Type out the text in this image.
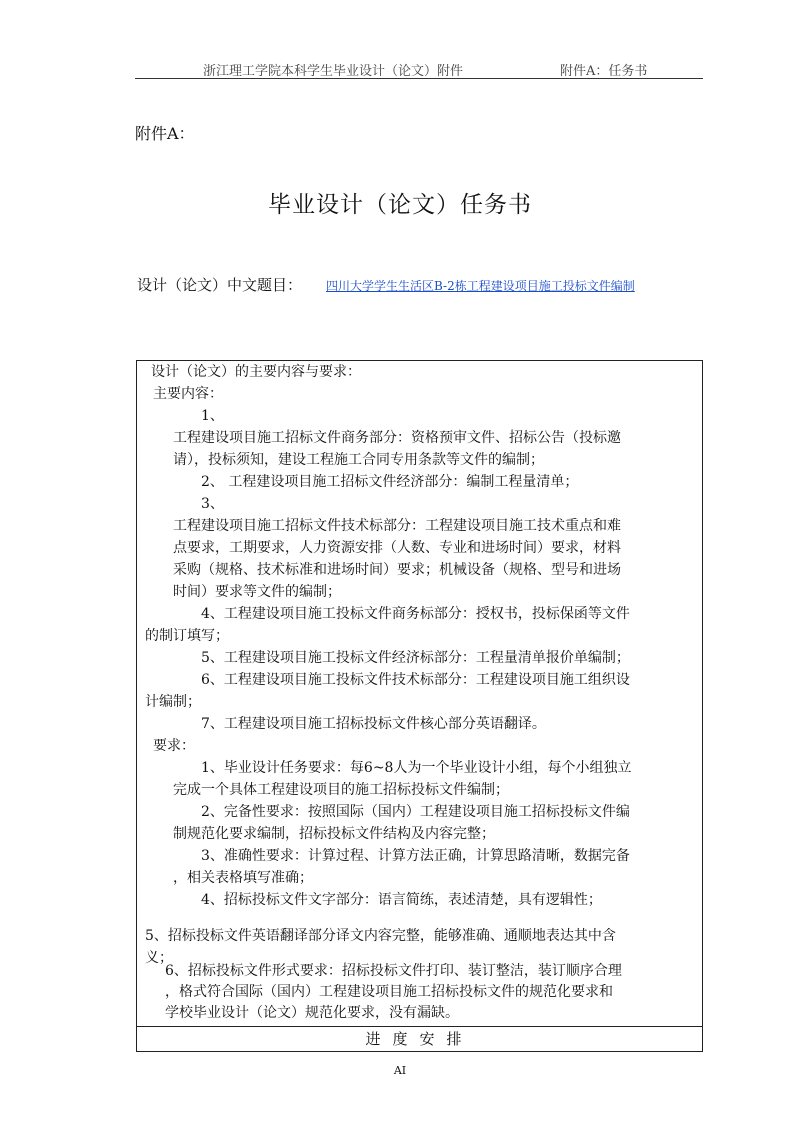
浙江理工学院本科学生毕业设计（论文）附件	附件A：任务书
附件A：
毕业设计（论文）任务书
设计（论文）中文题目： 四川大学学生生活区B-2栋工程建设项目施工投标文件编制
设计（论文）的主要内容与要求：
主要内容：
1、
工程建设项目施工招标文件商务部分：资格预审文件、招标公告（投标邀
请），投标须知，建设工程施工合同专用条款等文件的编制；
2、 工程建设项目施工招标文件经济部分：编制工程量清单；
3、
工程建设项目施工招标文件技术标部分：工程建设项目施工技术重点和难
点要求，工期要求，人力资源安排（人数、专业和进场时间）要求，材料
采购（规格、技术标准和进场时间）要求；机械设备（规格、型号和进场
时间）要求等文件的编制；
4、工程建设项目施工投标文件商务标部分：授权书，投标保函等文件
的制订填写；
5、工程建设项目施工投标文件经济标部分：工程量清单报价单编制；
6、工程建设项目施工投标文件技术标部分：工程建设项目施工组织设
计编制；
7、工程建设项目施工招标投标文件核心部分英语翻译。
要求：
1、毕业设计任务要求：每6~8人为一个毕业设计小组，每个小组独立
完成一个具体工程建设项目的施工招标投标文件编制；
2、完备性要求：按照国际（国内）工程建设项目施工招标投标文件编
制规范化要求编制，招标投标文件结构及内容完整；
3、准确性要求：计算过程、计算方法正确，计算思路清晰，数据完备
，相关表格填写准确；
4、招标投标文件文字部分：语言简练，表述清楚，具有逻辑性；
5、招标投标文件英语翻译部分译文内容完整，能够准确、通顺地表达其中含
义；
6、招标投标文件形式要求：招标投标文件打印、装订整洁，装订顺序合理
，格式符合国际（国内）工程建设项目施工招标投标文件的规范化要求和
进度安排
学校毕业设计（论文）规范化要求，没有漏缺。
AI
